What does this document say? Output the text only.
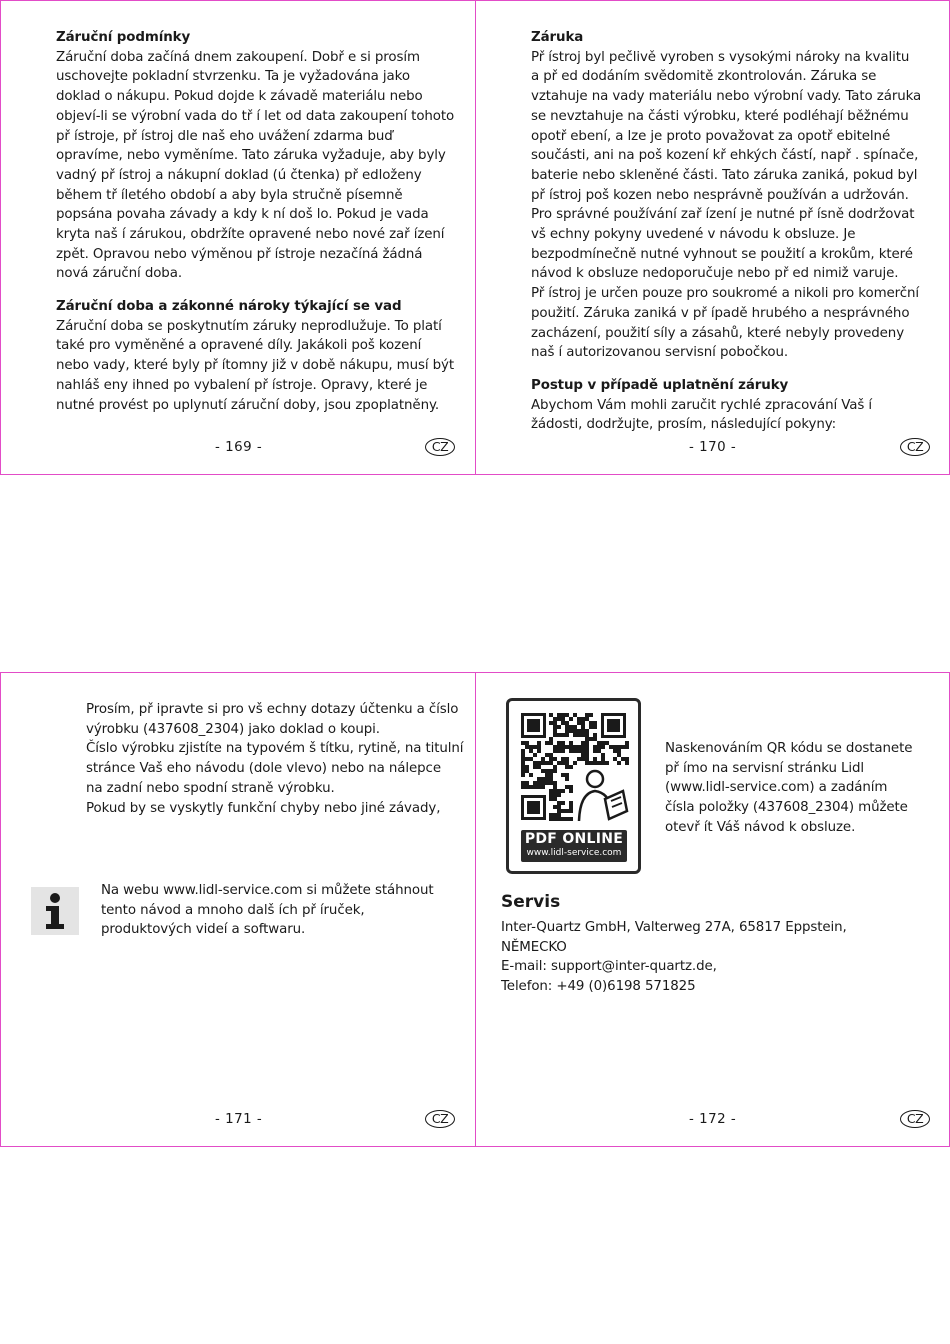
Záruční podmínky
Záruční doba začíná dnem zakoupení. Dobř e si prosím
uschovejte pokladní stvrzenku. Ta je vyžadována jako
doklad o nákupu. Pokud dojde k závadě materiálu nebo
objeví-li se výrobní vada do tř í let od data zakoupení tohoto
př ístroje, př ístroj dle naš eho uvážení zdarma buď
opravíme, nebo vyměníme. Tato záruka vyžaduje, aby byly
vadný př ístroj a nákupní doklad (ú čtenka) př edloženy
během tř íletého období a aby byla stručně písemně
popsána povaha závady a kdy k ní doš lo. Pokud je vada
kryta naš í zárukou, obdržíte opravené nebo nové zař ízení
zpět. Opravou nebo výměnou př ístroje nezačíná žádná
nová záruční doba.
Záruční doba a zákonné nároky týkající se vad
Záruční doba se poskytnutím záruky neprodlužuje. To platí
také pro vyměněné a opravené díly. Jakákoli poš kození
nebo vady, které byly př ítomny již v době nákupu, musí být
nahláš eny ihned po vybalení př ístroje. Opravy, které je
nutné provést po uplynutí záruční doby, jsou zpoplatněny.
- 169 -	CZ
Záruka
Př ístroj byl pečlivě vyroben s vysokými nároky na kvalitu
a př ed dodáním svědomitě zkontrolován. Záruka se
vztahuje na vady materiálu nebo výrobní vady. Tato záruka
se nevztahuje na části výrobku, které podléhají běžnému
opotř ebení, a lze je proto považovat za opotř ebitelné
součásti, ani na poš kození kř ehkých částí, např . spínače,
baterie nebo skleněné části. Tato záruka zaniká, pokud byl
př ístroj poš kozen nebo nesprávně používán a udržován.
Pro správné používání zař ízení je nutné př ísně dodržovat
vš echny pokyny uvedené v návodu k obsluze. Je
bezpodmínečně nutné vyhnout se použití a krokům, které
návod k obsluze nedoporučuje nebo př ed nimiž varuje.
Př ístroj je určen pouze pro soukromé a nikoli pro komerční
použití. Záruka zaniká v př ípadě hrubého a nesprávného
zacházení, použití síly a zásahů, které nebyly provedeny
naš í autorizovanou servisní pobočkou.
Postup v případě uplatnění záruky
Abychom Vám mohli zaručit rychlé zpracování Vaš í
žádosti, dodržujte, prosím, následující pokyny:
- 170 -	CZ
Prosím, př ipravte si pro vš echny dotazy účtenku a číslo
výrobku (437608_2304) jako doklad o koupi.
Číslo výrobku zjistíte na typovém š títku, rytině, na titulní
stránce Vaš eho návodu (dole vlevo) nebo na nálepce
na zadní nebo spodní straně výrobku.
Pokud by se vyskytly funkční chyby nebo jiné závady,
Na webu www.lidl-service.com si můžete stáhnout
tento návod a mnoho dalš ích př íruček,
produktových videí a softwaru.
- 171 -	CZ
PDF ONLINE
www.lidl-service.com
Naskenováním QR kódu se dostanete
př ímo na servisní stránku Lidl
(www.lidl-service.com) a zadáním
čísla položky (437608_2304) můžete
otevř ít Váš návod k obsluze.
Servis
Inter-Quartz GmbH, Valterweg 27A, 65817 Eppstein,
NĚMECKO
E-mail: support@inter-quartz.de,
Telefon: +49 (0)6198 571825
- 172 -	CZ
